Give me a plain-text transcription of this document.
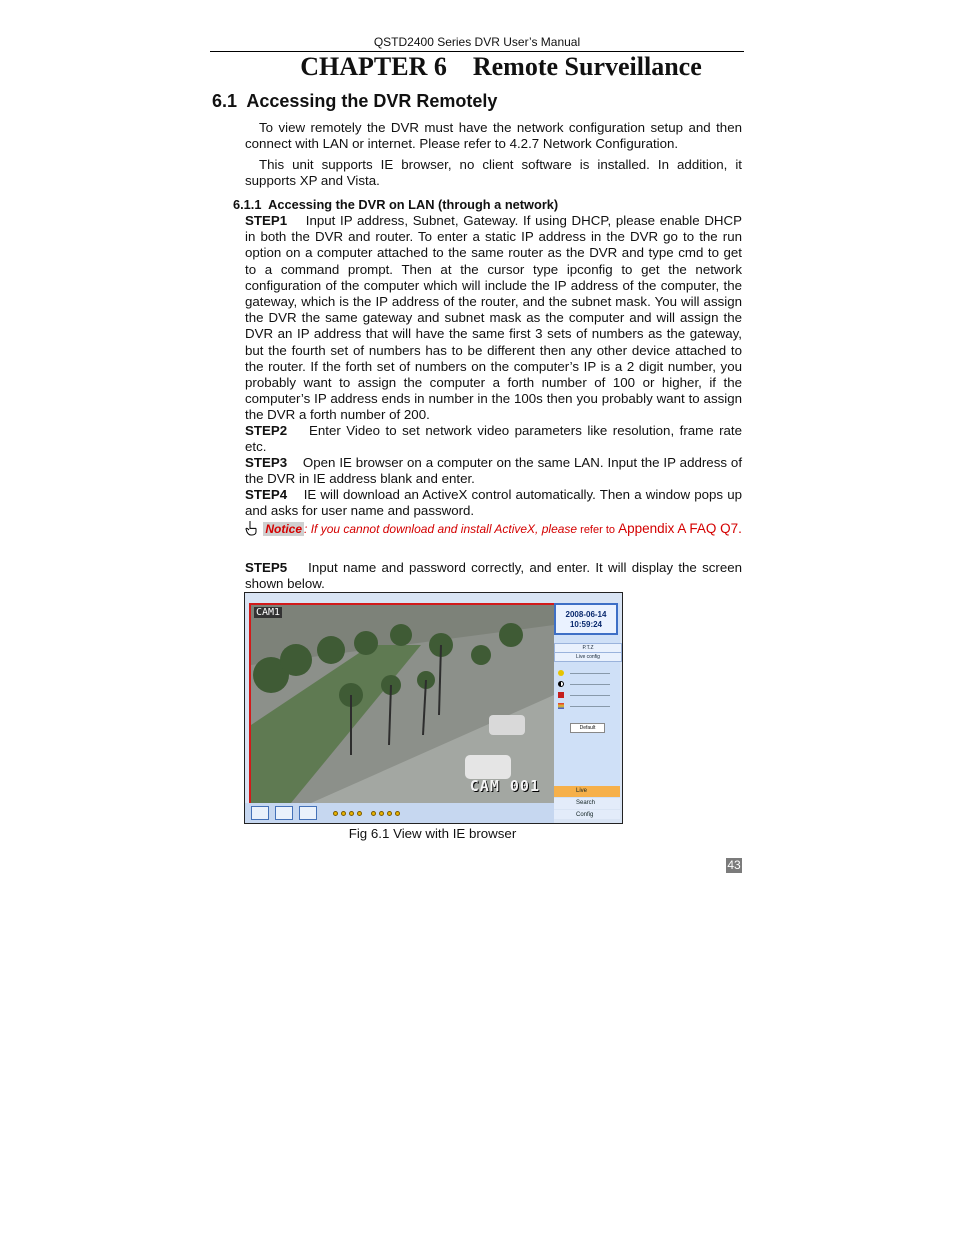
QSTD2400 Series DVR User’s Manual
CHAPTER 6    Remote Surveillance
6.1  Accessing the DVR Remotely
To view remotely the DVR must have the network configuration setup and then connect with LAN or internet. Please refer to 4.2.7 Network Configuration.
This unit supports IE browser, no client software is installed. In addition, it supports XP and Vista.
6.1.1  Accessing the DVR on LAN (through a network)
STEP1 Input IP address, Subnet, Gateway. If using DHCP, please enable DHCP in both the DVR and router. To enter a static IP address in the DVR go to the run option on a computer attached to the same router as the DVR and type cmd to get to a command prompt. Then at the cursor type ipconfig to get the network configuration of the computer which will include the IP address of the computer, the gateway, which is the IP address of the router, and the subnet mask. You will assign the DVR the same gateway and subnet mask as the computer and will assign the DVR an IP address that will have the same first 3 sets of numbers as the gateway, but the fourth set of numbers has to be different then any other device attached to the router. If the forth set of numbers on the computer’s IP is a 2 digit number, you probably want to assign the computer a forth number of 100 or higher, if the computer’s IP address ends in number in the 100s then you probably want to assign the DVR a forth number of 200.
STEP2 Enter Video to set network video parameters like resolution, frame rate etc.
STEP3 Open IE browser on a computer on the same LAN. Input the IP address of the DVR in IE address blank and enter.
STEP4 IE will download an ActiveX control automatically. Then a window pops up and asks for user name and password.
Notice : If you cannot download and install ActiveX, please refer to Appendix A FAQ Q7.
STEP5 Input name and password correctly, and enter. It will display the screen shown below.
CAM1
CAM 001
2008-06-14
10:59:24
P.T.Z
Live config
Default
Live
Search
Config
Fig 6.1 View with IE browser
43
